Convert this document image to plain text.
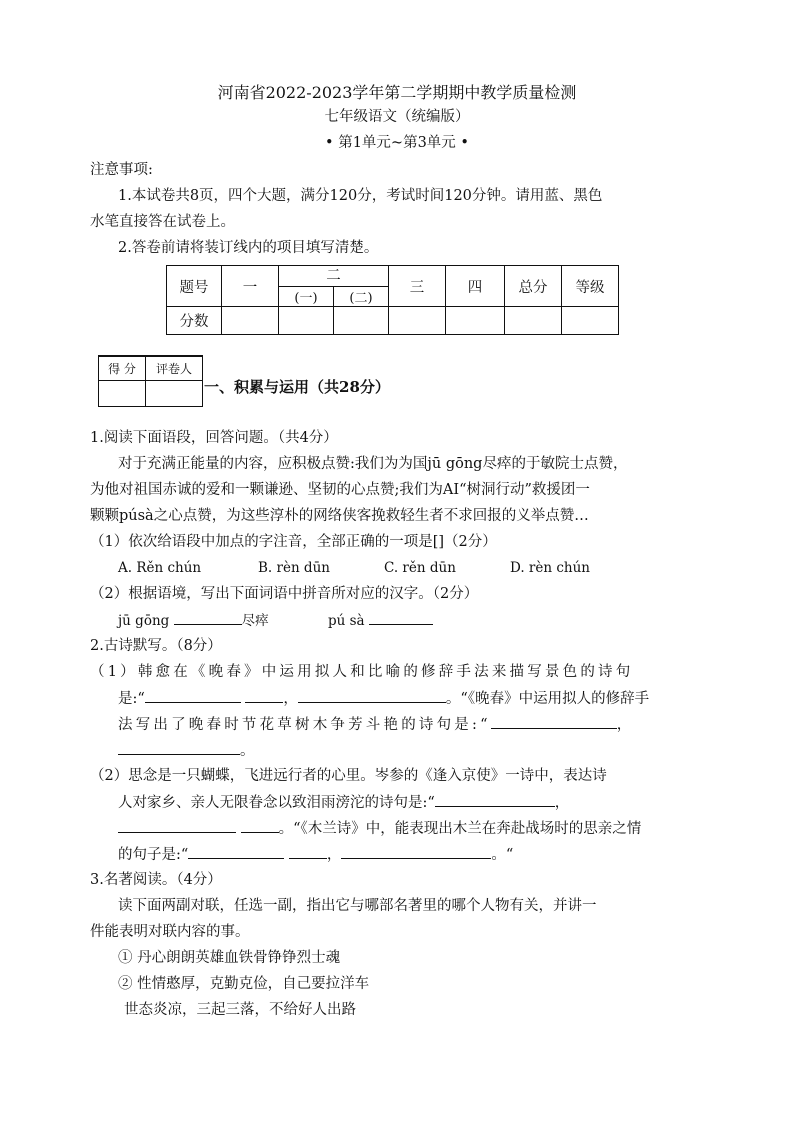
河南省2022-2023学年第二学期期中教学质量检测
七年级语文（统编版）
• 第1单元~第3单元 •
注意事项:
1.本试卷共8页，四个大题，满分120分，考试时间120分钟。请用蓝、黑色
水笔直接答在试卷上。
2.答卷前请将装订线内的项目填写清楚。
题号	一	二		三	四	总分	等级
		(一)	(二)				
分数							
得 分	评卷人

一、积累与运用（共28分）
1.阅读下面语段，回答问题。（共4分）
对于充满正能量的内容，应积极点赞:我们为为国jū gōng尽瘁的于敏院士点赞，
为他对祖国赤诚的爱和一颗谦逊、坚韧的心点赞;我们为AI“树洞行动”救援团一
颗颗púsà之心点赞，为这些淳朴的网络侠客挽救轻生者不求回报的义举点赞…
（1）依次给语段中加点的字注音，全部正确的一项是[]（2分）
A. Rěn chún	B. rèn dūn	C. rěn dūn	D. rèn chún
（2）根据语境，写出下面词语中拼音所对应的汉字。（2分）
jū gōng	尽瘁	pú sà
2.古诗默写。（8分）
（1）韩愈在《晚春》中运用拟人和比喻的修辞手法来描写景色的诗句
是:“	，	。“《晚春》中运用拟人的修辞手
法写出了晚春时节花草树木争芳斗艳的诗句是:“	，
。
（2）思念是一只蝴蝶，飞进远行者的心里。岑参的《逢入京使》一诗中，表达诗
人对家乡、亲人无限眷念以致泪雨滂沱的诗句是:“	，
。“《木兰诗》中，能表现出木兰在奔赴战场时的思亲之情
的句子是:“	，	。“
3.名著阅读。（4分）
读下面两副对联，任选一副，指出它与哪部名著里的哪个人物有关，并讲一
件能表明对联内容的事。
① 丹心朗朗英雄血铁骨铮铮烈士魂
② 性情憨厚，克勤克俭，自己要拉洋车
世态炎凉，三起三落，不给好人出路
